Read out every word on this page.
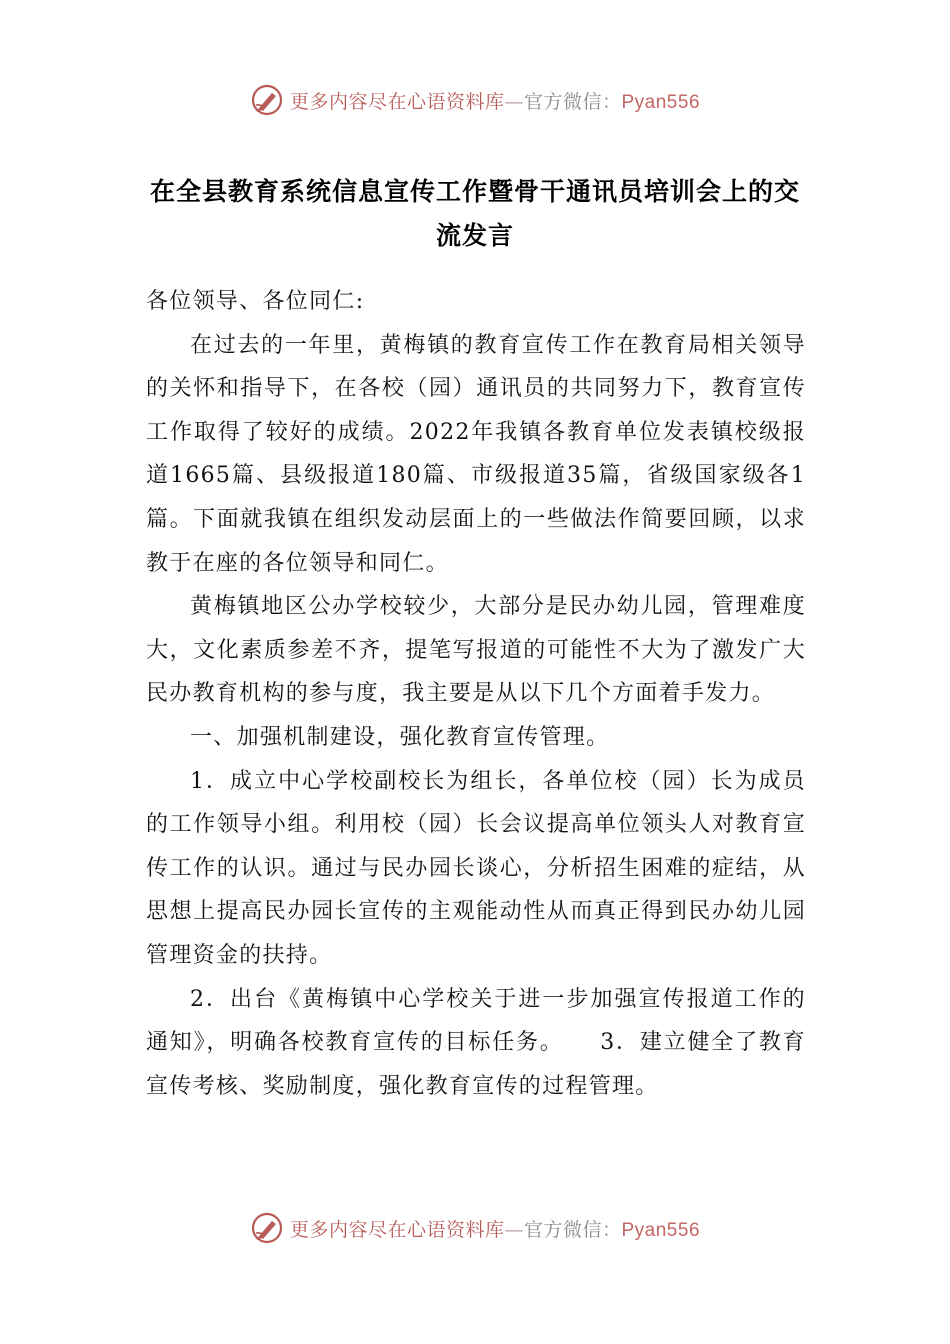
更多内容尽在心语资料库—官方微信：Pyan556
在全县教育系统信息宣传工作暨骨干通讯员培训会上的交流发言

各位领导、各位同仁:

在过去的一年里，黄梅镇的教育宣传工作在教育局相关领导的关怀和指导下，在各校（园）通讯员的共同努力下，教育宣传工作取得了较好的成绩。2022年我镇各教育单位发表镇校级报道1665篇、县级报道180篇、市级报道35篇，省级国家级各1篇。下面就我镇在组织发动层面上的一些做法作简要回顾，以求教于在座的各位领导和同仁。

黄梅镇地区公办学校较少，大部分是民办幼儿园，管理难度大，文化素质参差不齐，提笔写报道的可能性不大为了激发广大民办教育机构的参与度，我主要是从以下几个方面着手发力。

一、加强机制建设，强化教育宣传管理。

1．成立中心学校副校长为组长，各单位校（园）长为成员的工作领导小组。利用校（园）长会议提高单位领头人对教育宣传工作的认识。通过与民办园长谈心，分析招生困难的症结，从思想上提高民办园长宣传的主观能动性从而真正得到民办幼儿园管理资金的扶持。

2．出台《黄梅镇中心学校关于进一步加强宣传报道工作的通知》，明确各校教育宣传的目标任务。　　3．建立健全了教育宣传考核、奖励制度，强化教育宣传的过程管理。

更多内容尽在心语资料库—官方微信：Pyan556
